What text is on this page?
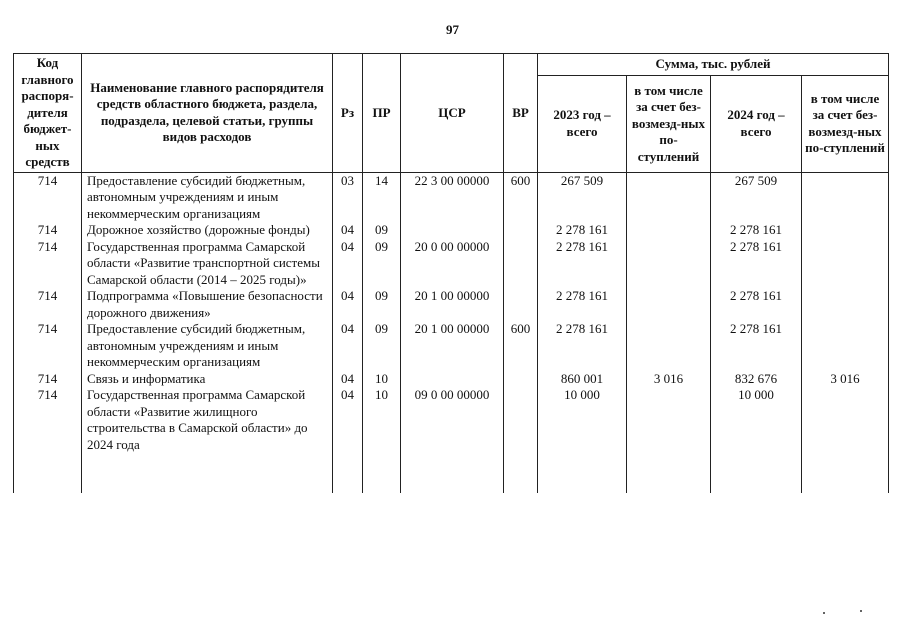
97
Код главного распоря-дителя бюджет-ных средств	Наименование главного распорядителя средств областного бюджета, раздела, подраздела, целевой статьи, группы видов расходов	Рз	ПР	ЦСР	ВР	Сумма, тыс. рублей			
						2023 год – всего	в том числе за счет без-возмезд-ных по-ступлений	2024 год – всего	в том числе за счет без-возмезд-ных по-ступлений
714	Предоставление субсидий бюджетным, автономным учреждениям и иным некоммерческим организациям	03	14	22 3 00 00000	600	267 509		267 509	
714	Дорожное хозяйство (дорожные фонды)	04	09			2 278 161		2 278 161	
714	Государственная программа Самарской области «Развитие транспортной системы Самарской области (2014 – 2025 годы)»	04	09	20 0 00 00000		2 278 161		2 278 161	
714	Подпрограмма «Повышение безопасности дорожного движения»	04	09	20 1 00 00000		2 278 161		2 278 161	
714	Предоставление субсидий бюджетным, автономным учреждениям и иным некоммерческим организациям	04	09	20 1 00 00000	600	2 278 161		2 278 161	
714	Связь и информатика	04	10			860 001	3 016	832 676	3 016
714	Государственная программа Самарской области «Развитие жилищного строительства в Самарской области» до 2024 года	04	10	09 0 00 00000		10 000		10 000	
